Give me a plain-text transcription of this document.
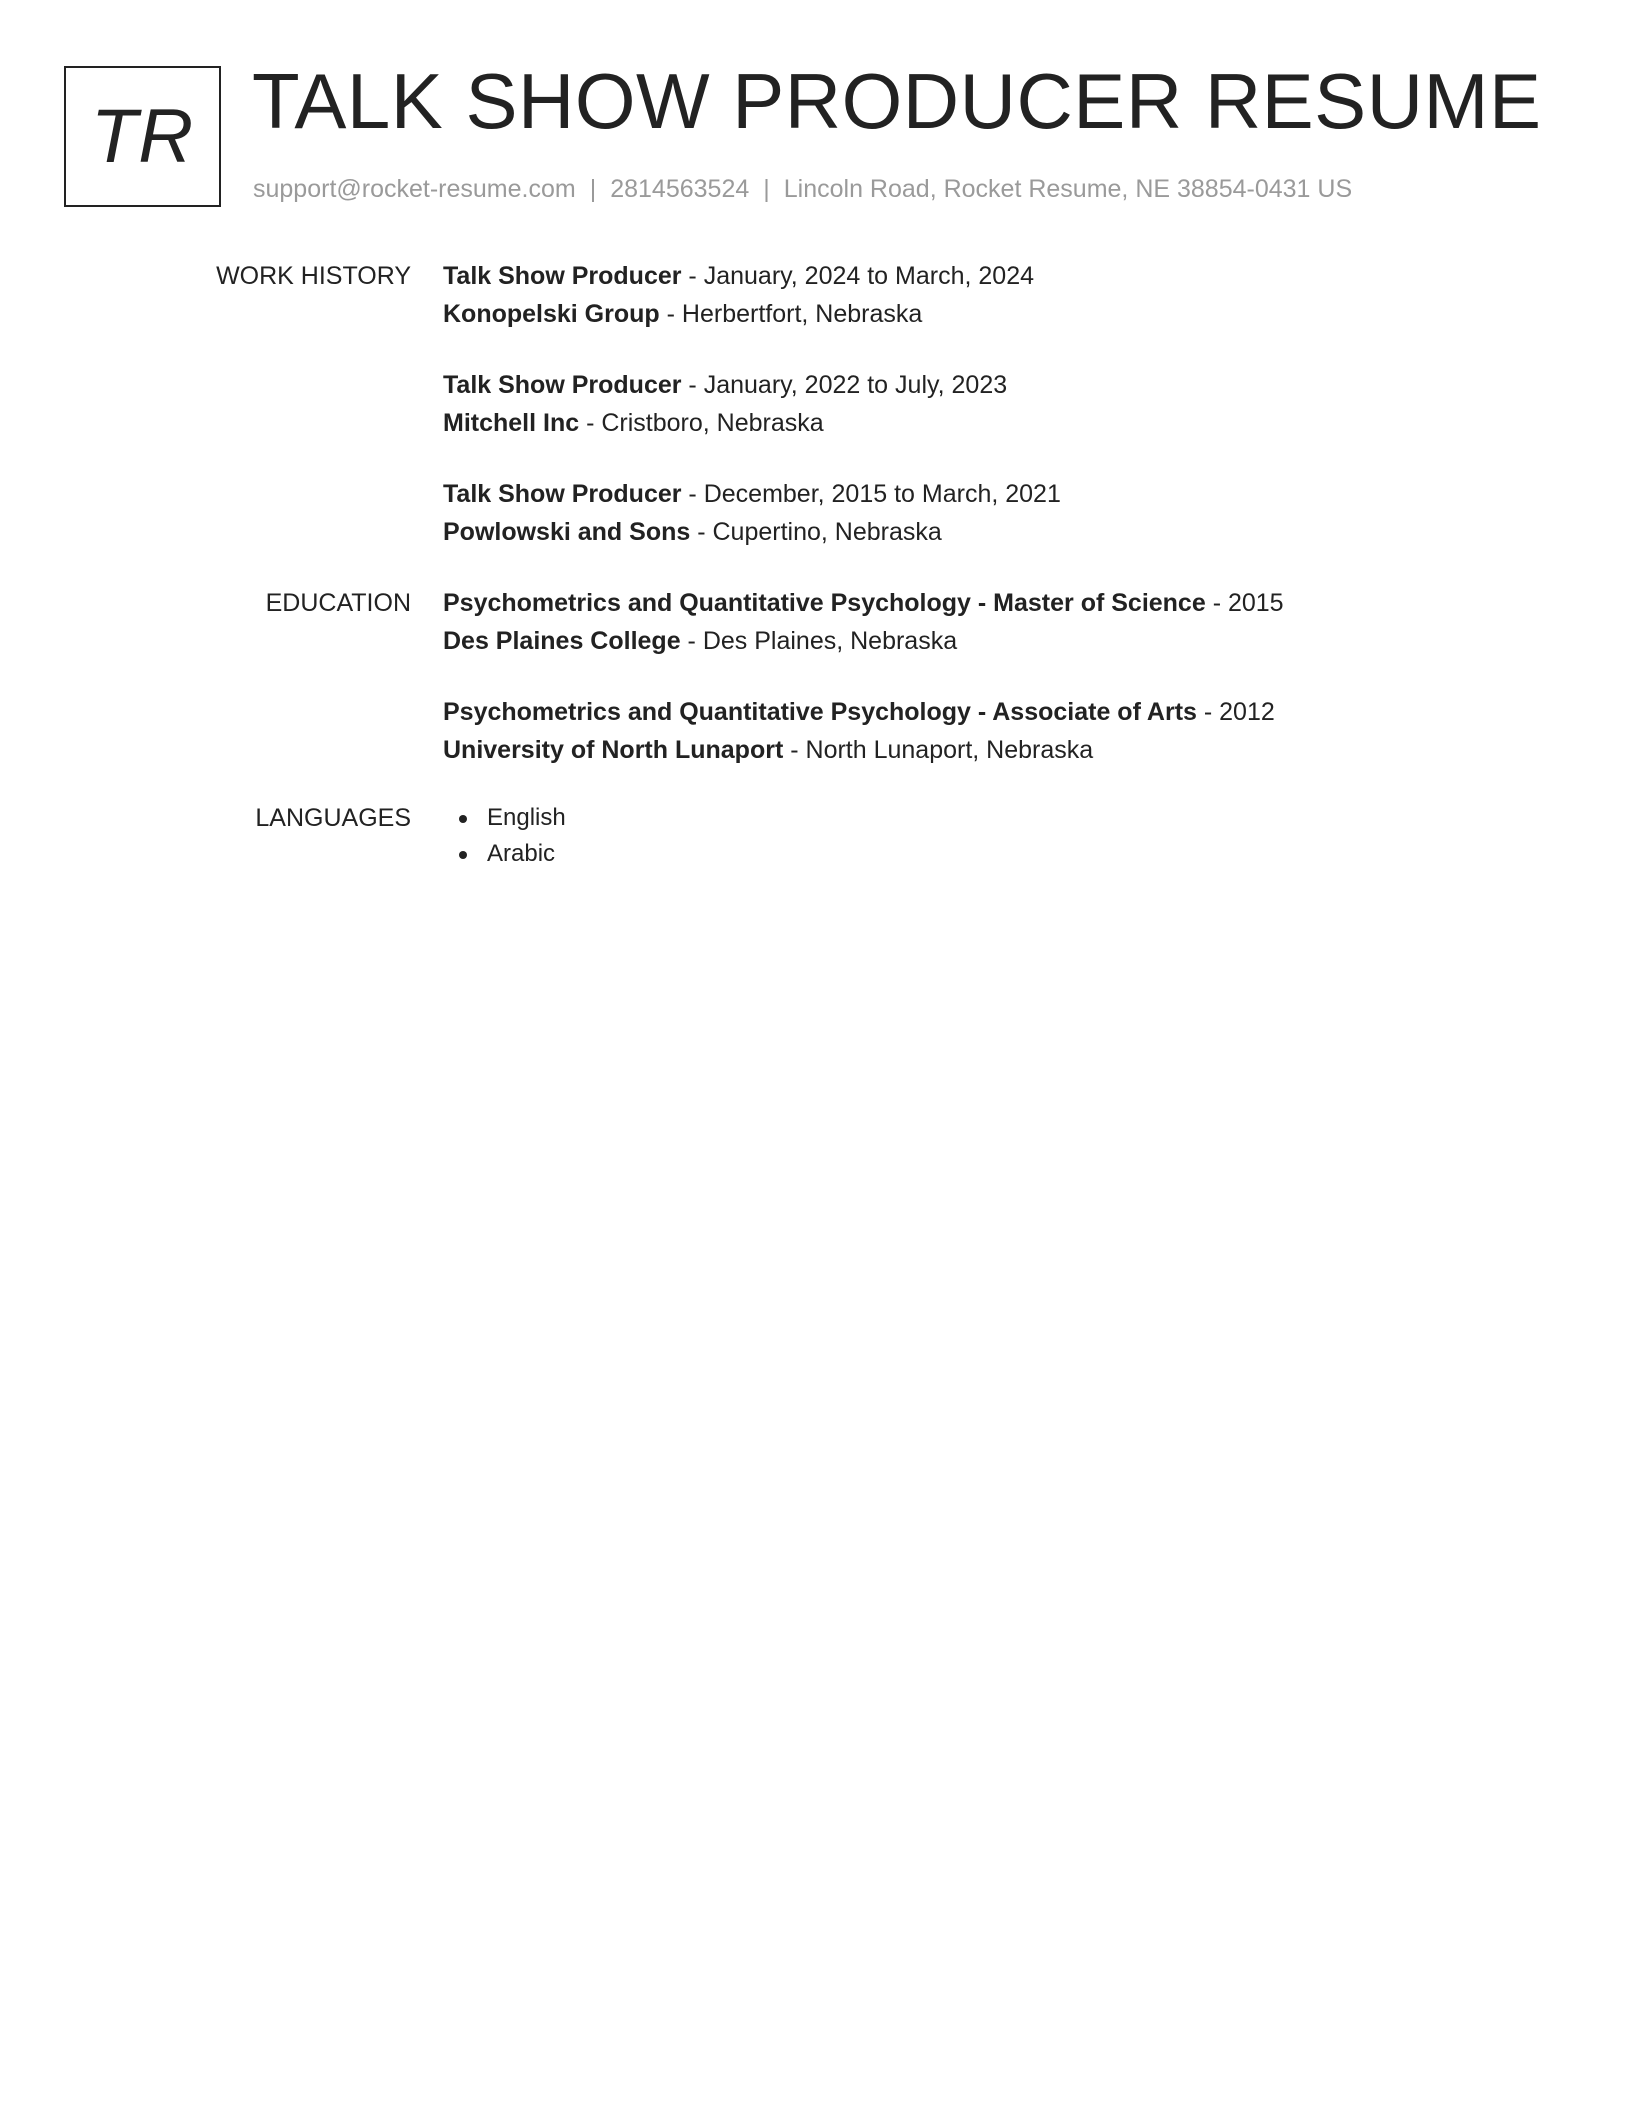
TR TALK SHOW PRODUCER RESUME
support@rocket-resume.com | 2814563524 | Lincoln Road, Rocket Resume, NE 38854-0431 US
WORK HISTORY Talk Show Producer - January, 2024 to March, 2024
Konopelski Group - Herbertfort, Nebraska
Talk Show Producer - January, 2022 to July, 2023
Mitchell Inc - Cristboro, Nebraska
Talk Show Producer - December, 2015 to March, 2021
Powlowski and Sons - Cupertino, Nebraska
EDUCATION Psychometrics and Quantitative Psychology - Master of Science - 2015
Des Plaines College - Des Plaines, Nebraska
Psychometrics and Quantitative Psychology - Associate of Arts - 2012
University of North Lunaport - North Lunaport, Nebraska
LANGUAGES	English
Arabic
